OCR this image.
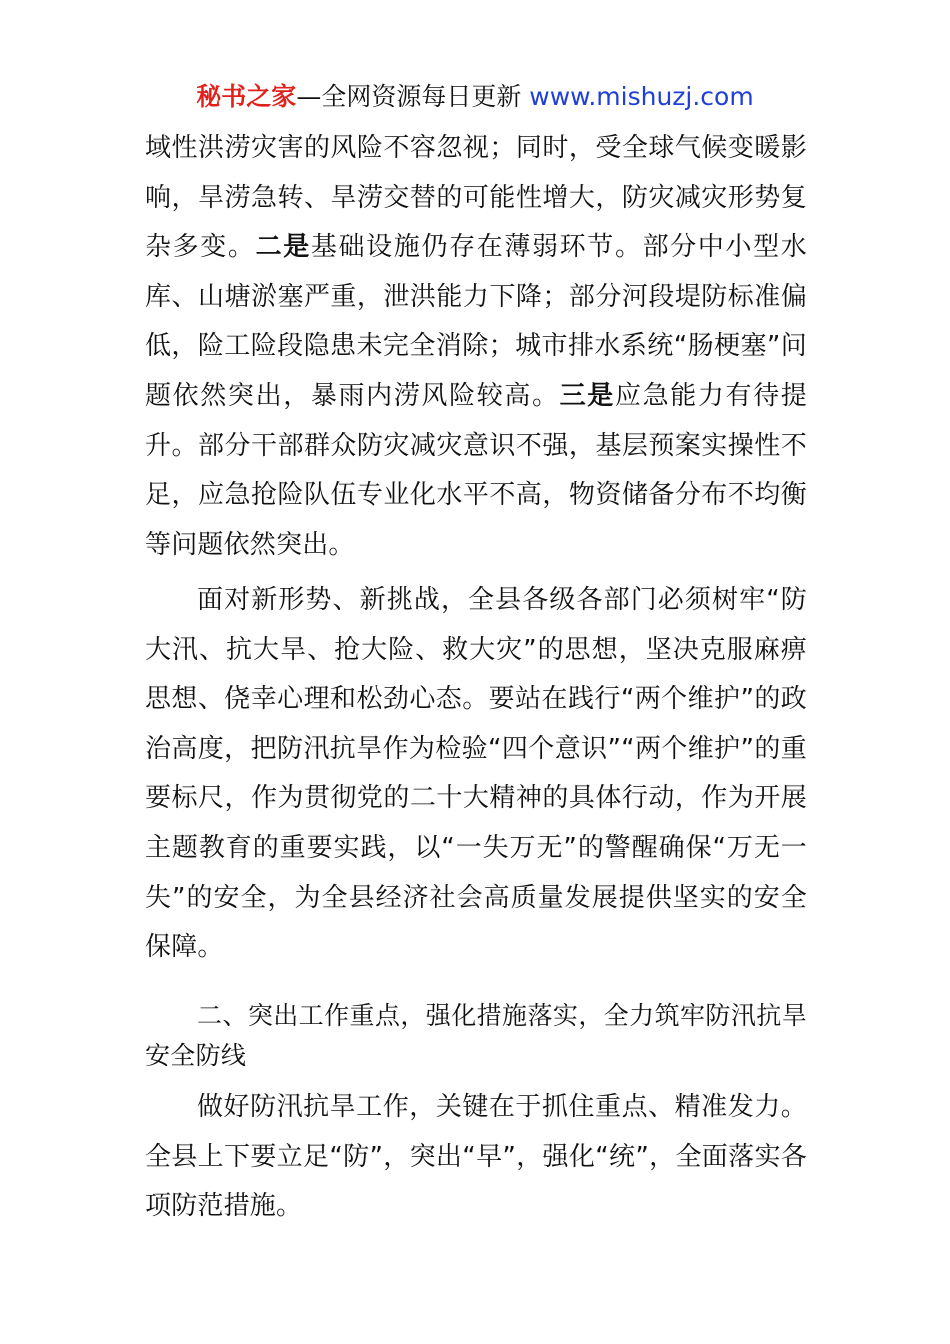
秘书之家—全网资源每日更新 www.mishuzj.com

域性洪涝灾害的风险不容忽视；同时，受全球气候变暖影响，旱涝急转、旱涝交替的可能性增大，防灾减灾形势复杂多变。二是基础设施仍存在薄弱环节。部分中小型水库、山塘淤塞严重，泄洪能力下降；部分河段堤防标准偏低，险工险段隐患未完全消除；城市排水系统“肠梗塞”问题依然突出，暴雨内涝风险较高。三是应急能力有待提升。部分干部群众防灾减灾意识不强，基层预案实操性不足，应急抢险队伍专业化水平不高，物资储备分布不均衡等问题依然突出。

面对新形势、新挑战，全县各级各部门必须树牢“防大汛、抗大旱、抢大险、救大灾”的思想，坚决克服麻痹思想、侥幸心理和松劲心态。要站在践行“两个维护”的政治高度，把防汛抗旱作为检验“四个意识”“两个维护”的重要标尺，作为贯彻党的二十大精神的具体行动，作为开展主题教育的重要实践，以“一失万无”的警醒确保“万无一失”的安全，为全县经济社会高质量发展提供坚实的安全保障。

二、突出工作重点，强化措施落实，全力筑牢防汛抗旱安全防线

做好防汛抗旱工作，关键在于抓住重点、精准发力。全县上下要立足“防”，突出“早”，强化“统”，全面落实各项防范措施。
